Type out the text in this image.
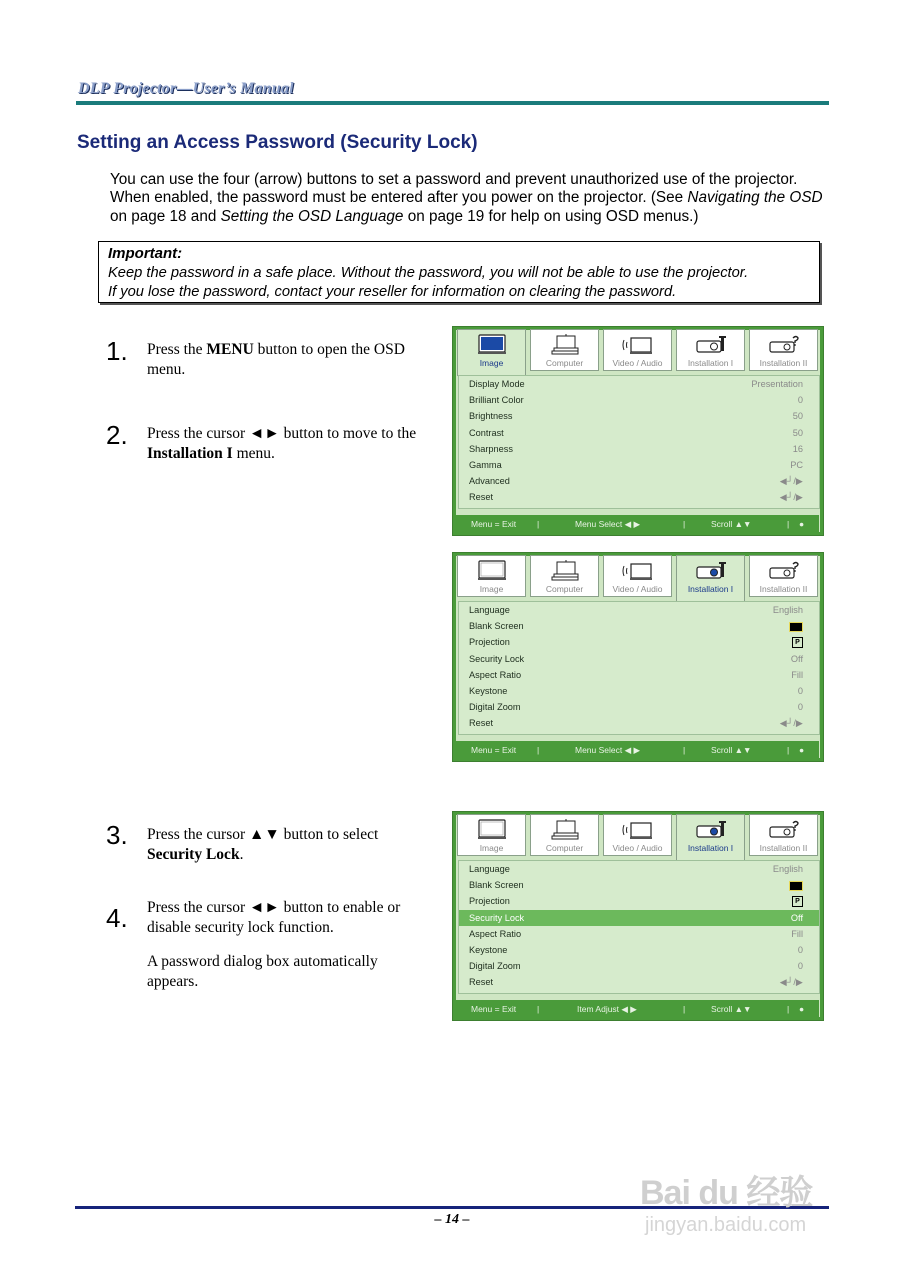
DLP Projector—User’s Manual
Setting an Access Password (Security Lock)
You can use the four (arrow) buttons to set a password and prevent unauthorized use of the projector. When enabled, the password must be entered after you power on the projector. (See Navigating the OSD on page 18 and Setting the OSD Language on page 19 for help on using OSD menus.)
Important:
Keep the password in a safe place. Without the password, you will not be able to use the projector.
If you lose the password, contact your reseller for information on clearing the password.
1. Press the MENU button to open the OSD menu.
2. Press the cursor ◄► button to move to the Installation I menu.
3. Press the cursor ▲▼ button to select Security Lock.
4. Press the cursor ◄► button to enable or disable security lock function.
A password dialog box automatically appears.
Image	Computer	Video / Audio	Installation I	Installation II
Display Mode	Presentation
Brilliant Color	0
Brightness	50
Contrast	50
Sharpness	16
Gamma	PC
Advanced	◀┘/▶
Reset	◀┘/▶
Menu = Exit |	Menu Select ◀ ▶	|	Scroll ▲▼	| ●
Image	Computer	Video / Audio	Installation I	Installation II
Language	English
Blank Screen
Projection	P
Security Lock	Off
Aspect Ratio	Fill
Keystone	0
Digital Zoom	0
Reset	◀┘/▶
Menu = Exit |	Menu Select ◀ ▶	|	Scroll ▲▼	| ●
Image	Computer	Video / Audio	Installation I	Installation II
Language	English
Blank Screen
Projection	P
Security Lock	Off
Aspect Ratio	Fill
Keystone	0
Digital Zoom	0
Reset	◀┘/▶
Menu = Exit |	Item Adjust ◀ ▶	|	Scroll ▲▼	| ●
– 14 –
Bai du 经验
jingyan.baidu.com
